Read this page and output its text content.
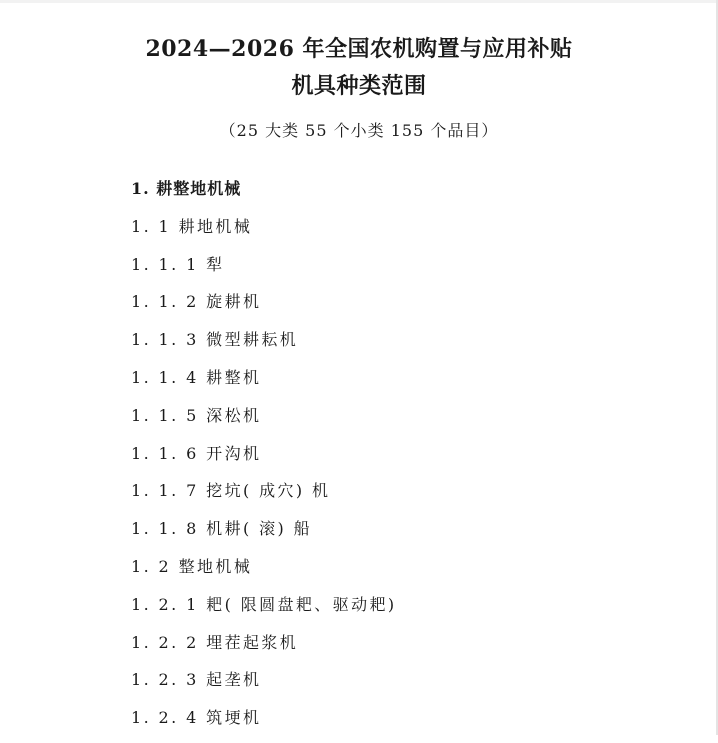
2024—2026 年全国农机购置与应用补贴
机具种类范围
（25 大类 55 个小类 155 个品目）
1. 耕整地机械
1. 1 耕地机械
1. 1. 1 犁
1. 1. 2 旋耕机
1. 1. 3 微型耕耘机
1. 1. 4 耕整机
1. 1. 5 深松机
1. 1. 6 开沟机
1. 1. 7 挖坑( 成穴) 机
1. 1. 8 机耕( 滚) 船
1. 2 整地机械
1. 2. 1 耙( 限圆盘耙、驱动耙)
1. 2. 2 埋茬起浆机
1. 2. 3 起垄机
1. 2. 4 筑埂机
